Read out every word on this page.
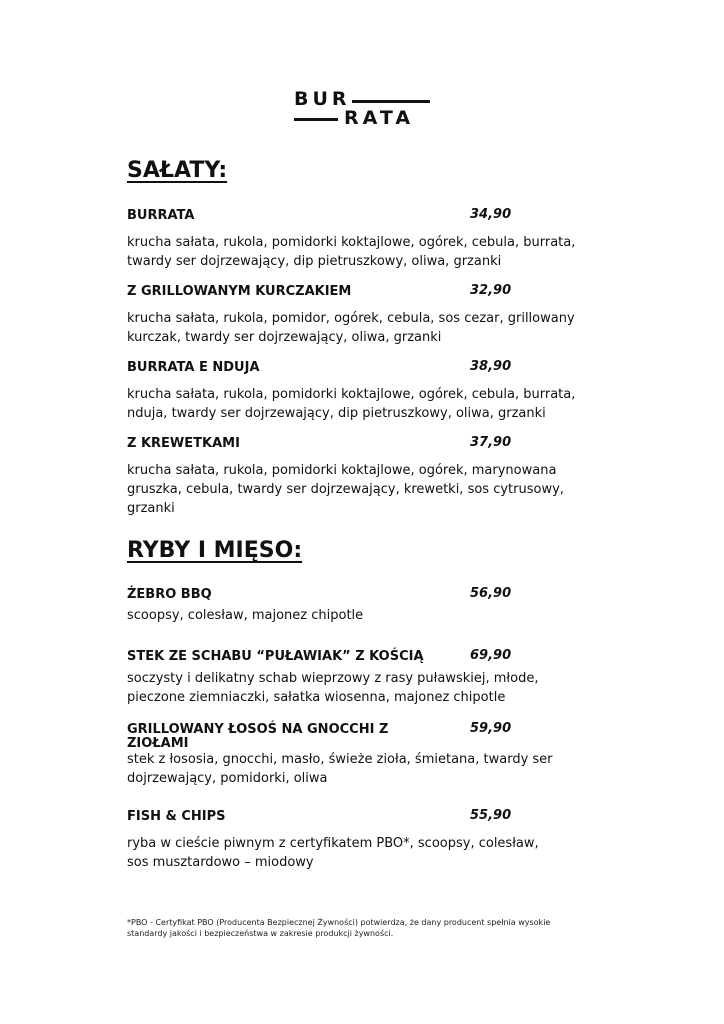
BUR
RATA
SAŁATY:
BURRATA	34,90

krucha sałata, rukola, pomidorki koktajlowe, ogórek, cebula, burrata, twardy ser dojrzewający, dip pietruszkowy, oliwa, grzanki

Z GRILLOWANYM KURCZAKIEM	32,90

krucha sałata, rukola, pomidor, ogórek, cebula, sos cezar, grillowany kurczak, twardy ser dojrzewający, oliwa, grzanki

BURRATA E NDUJA	38,90

krucha sałata, rukola, pomidorki koktajlowe, ogórek, cebula, burrata, nduja, twardy ser dojrzewający, dip pietruszkowy, oliwa, grzanki

Z KREWETKAMI	37,90

krucha sałata, rukola, pomidorki koktajlowe, ogórek, marynowana gruszka, cebula, twardy ser dojrzewający, krewetki, sos cytrusowy, grzanki

RYBY I MIĘSO:
ŻEBRO BBQ	56,90

scoopsy, colesław, majonez chipotle

STEK ZE SCHABU “PUŁAWIAK” Z KOŚCIĄ	69,90

soczysty i delikatny schab wieprzowy z rasy puławskiej, młode, pieczone ziemniaczki, sałatka wiosenna, majonez chipotle

GRILLOWANY ŁOSOŚ NA GNOCCHI Z ZIOŁAMI
59,90

stek z łososia, gnocchi, masło, świeże zioła, śmietana, twardy ser dojrzewający, pomidorki, oliwa

FISH & CHIPS	55,90

ryba w cieście piwnym z certyfikatem PBO*, scoopsy, colesław, sos musztardowo – miodowy

*PBO - Certyfikat PBO (Producenta Bezpiecznej Żywności) potwierdza, że dany producent spełnia wysokie standardy jakości i bezpieczeństwa w zakresie produkcji żywności.
